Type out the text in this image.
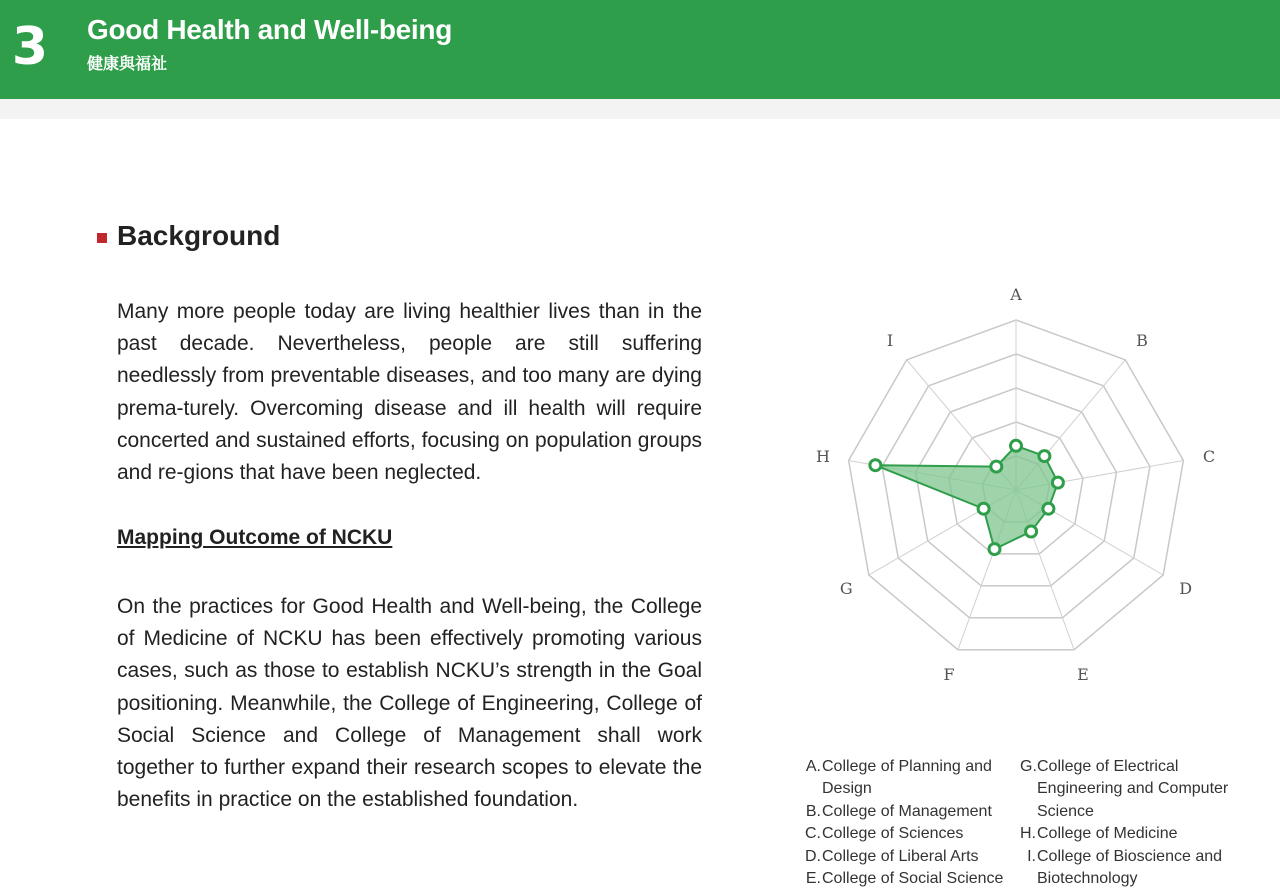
3 Good Health and Well-being
健康與福祉
Background
Many more people today are living healthier lives than in the past decade. Nevertheless, people are still suffering needlessly from preventable diseases, and too many are dying prema-turely. Overcoming disease and ill health will require concerted and sustained efforts, focusing on population groups and re-gions that have been neglected.
Mapping Outcome of NCKU
On the practices for Good Health and Well-being, the College of Medicine of NCKU has been effectively promoting various cases, such as those to establish NCKU’s strength in the Goal positioning. Meanwhile, the College of Engineering, College of Social Science and College of Management shall work together to further expand their research scopes to elevate the benefits in practice on the established foundation.
A
B
C
D
E
F
G
H
I
A. College of Planning and Design
B. College of Management
C. College of Sciences
D. College of Liberal Arts
E. College of Social Science
G. College of Electrical Engineering and Computer Science
H. College of Medicine
I. College of Bioscience and Biotechnology
